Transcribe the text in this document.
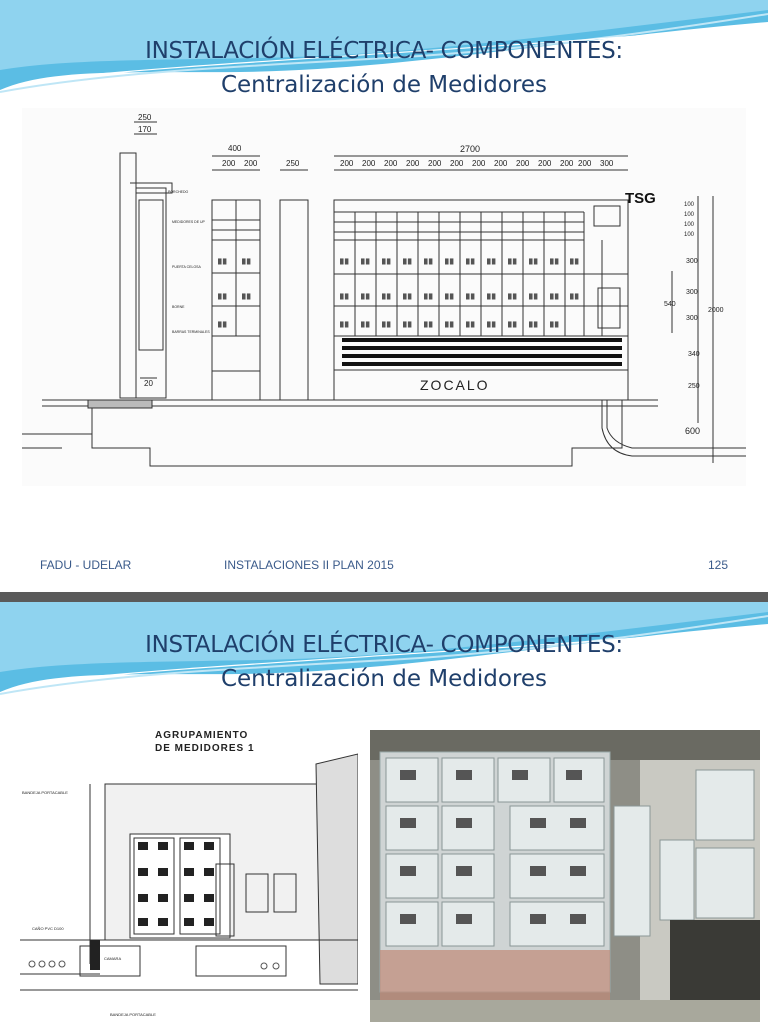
INSTALACIÓN ELÉCTRICA- COMPONENTES:
Centralización de Medidores
█ █	█ █	█ █	█ █	█ █	█ █	█ █	█ █	█ █	█ █	█ █ █ █
█ █	█ █	█ █	█ █	█ █	█ █	█ █	█ █	█ █	█ █	█ █ █ █
█ █	█ █	█ █	█ █	█ █	█ █	█ █	█ █	█ █	█ █	█ █
█ █	█ █
█ █	█ █
█ █
250
170
400
200 200	250
2700
200 200 200 200 200 200 200 200 200 200 200 200 300
100
100
100
100
300
300
300
540
2000
340
250
600
20
PORCHEDO
MEDIDORES DE UP
PUERTA CELOSA
BORNE
BARRAS TERMINALES
TSG
ZOCALO
FADU - UDELAR	INSTALACIONES II PLAN 2015	125
INSTALACIÓN ELÉCTRICA- COMPONENTES:
Centralización de Medidores
AGRUPAMIENTO
DE MEDIDORES 1
BANDEJA PORTACABLE
CAMARA
BANDEJA PORTACABLE
CAÑO PVC D100
